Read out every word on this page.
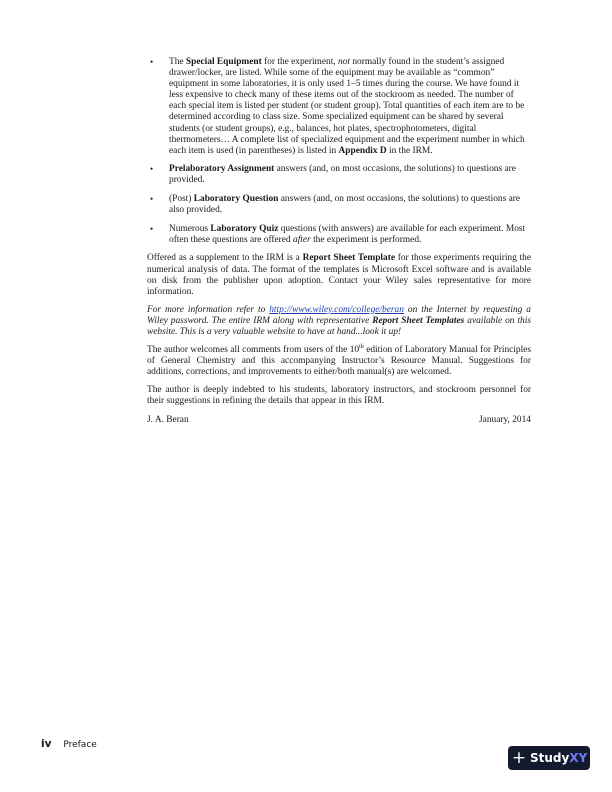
• The Special Equipment for the experiment, not normally found in the student’s assigned drawer/locker, are listed. While some of the equipment may be available as “common” equipment in some laboratories, it is only used 1–5 times during the course. We have found it less expensive to check many of these items out of the stockroom as needed. The number of each special item is listed per student (or student group). Total quantities of each item are to be determined according to class size. Some specialized equipment can be shared by several students (or student groups), e.g., balances, hot plates, spectrophotometers, digital thermometers… A complete list of specialized equipment and the experiment number in which each item is used (in parentheses) is listed in Appendix D in the IRM.
• Prelaboratory Assignment answers (and, on most occasions, the solutions) to questions are provided.
• (Post) Laboratory Question answers (and, on most occasions, the solutions) to questions are also provided.
• Numerous Laboratory Quiz questions (with answers) are available for each experiment. Most often these questions are offered after the experiment is performed.

Offered as a supplement to the IRM is a Report Sheet Template for those experiments requiring the numerical analysis of data. The format of the templates is Microsoft Excel software and is available on disk from the publisher upon adoption. Contact your Wiley sales representative for more information.

For more information refer to http://www.wiley.com/college/beran on the Internet by requesting a Wiley password. The entire IRM along with representative Report Sheet Templates available on this website. This is a very valuable website to have at hand...look it up!

The author welcomes all comments from users of the 10th edition of Laboratory Manual for Principles of General Chemistry and this accompanying Instructor’s Resource Manual. Suggestions for additions, corrections, and improvements to either/both manual(s) are welcomed.

The author is deeply indebted to his students, laboratory instructors, and stockroom personnel for their suggestions in refining the details that appear in this IRM.

J. A. Beran	January, 2014
iv Preface
+ Study XY
